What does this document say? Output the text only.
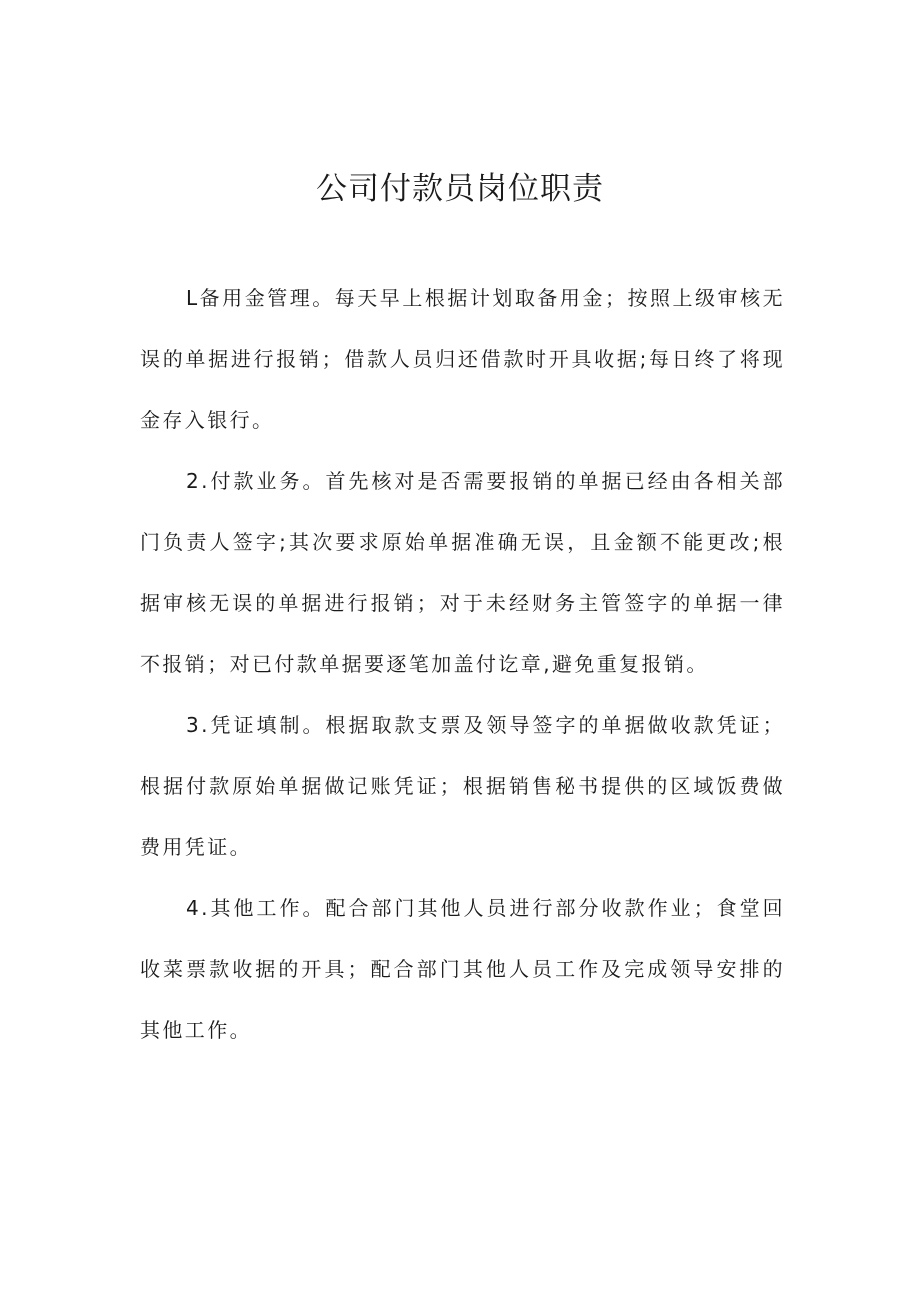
公司付款员岗位职责

L备用金管理。每天早上根据计划取备用金；按照上级审核无误的单据进行报销；借款人员归还借款时开具收据;每日终了将现金存入银行。

2.付款业务。首先核对是否需要报销的单据已经由各相关部门负责人签字;其次要求原始单据准确无误，且金额不能更改;根据审核无误的单据进行报销；对于未经财务主管签字的单据一律不报销；对已付款单据要逐笔加盖付讫章,避免重复报销。

3.凭证填制。根据取款支票及领导签字的单据做收款凭证；根据付款原始单据做记账凭证；根据销售秘书提供的区域饭费做费用凭证。

4.其他工作。配合部门其他人员进行部分收款作业；食堂回收菜票款收据的开具；配合部门其他人员工作及完成领导安排的其他工作。
